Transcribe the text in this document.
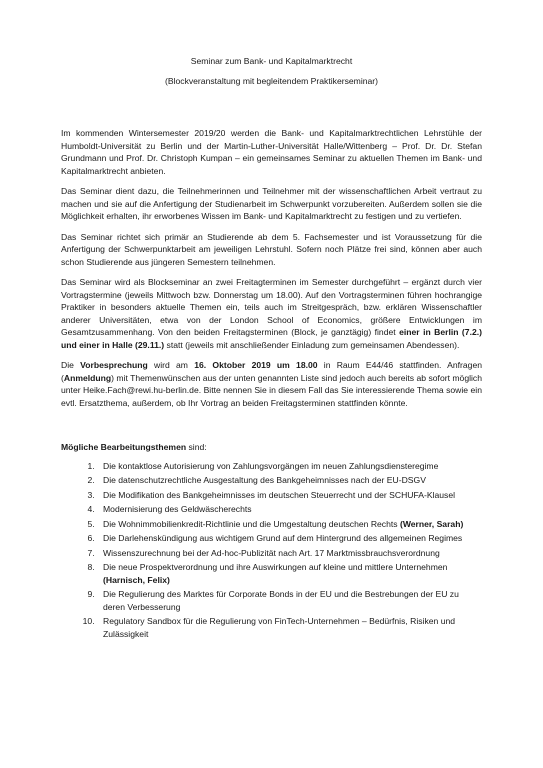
Seminar zum Bank- und Kapitalmarktrecht

(Blockveranstaltung mit begleitendem Praktikerseminar)

Im kommenden Wintersemester 2019/20 werden die Bank- und Kapitalmarktrechtlichen Lehrstühle der Humboldt-Universität zu Berlin und der Martin-Luther-Universität Halle/Wittenberg – Prof. Dr. Dr. Stefan Grundmann und Prof. Dr. Christoph Kumpan – ein gemeinsames Seminar zu aktuellen Themen im Bank- und Kapitalmarktrecht anbieten.

Das Seminar dient dazu, die Teilnehmerinnen und Teilnehmer mit der wissenschaftlichen Arbeit vertraut zu machen und sie auf die Anfertigung der Studienarbeit im Schwerpunkt vorzubereiten. Außerdem sollen sie die Möglichkeit erhalten, ihr erworbenes Wissen im Bank- und Kapitalmarktrecht zu festigen und zu vertiefen.

Das Seminar richtet sich primär an Studierende ab dem 5. Fachsemester und ist Voraussetzung für die Anfertigung der Schwerpunktarbeit am jeweiligen Lehrstuhl. Sofern noch Plätze frei sind, können aber auch schon Studierende aus jüngeren Semestern teilnehmen.

Das Seminar wird als Blockseminar an zwei Freitagterminen im Semester durchgeführt – ergänzt durch vier Vortragstermine (jeweils Mittwoch bzw. Donnerstag um 18.00). Auf den Vortragsterminen führen hochrangige Praktiker in besonders aktuelle Themen ein, teils auch im Streitgespräch, bzw. erklären Wissenschaftler anderer Universitäten, etwa von der London School of Economics, größere Entwicklungen im Gesamtzusammenhang. Von den beiden Freitagsterminen (Block, je ganztägig) findet einer in Berlin (7.2.) und einer in Halle (29.11.) statt (jeweils mit anschließender Einladung zum gemeinsamen Abendessen).

Die Vorbesprechung wird am 16. Oktober 2019 um 18.00 in Raum E44/46 stattfinden. Anfragen (Anmeldung) mit Themenwünschen aus der unten genannten Liste sind jedoch auch bereits ab sofort möglich unter Heike.Fach@rewi.hu-berlin.de. Bitte nennen Sie in diesem Fall das Sie interessierende Thema sowie ein evtl. Ersatzthema, außerdem, ob Ihr Vortrag an beiden Freitagsterminen stattfinden könnte.

Mögliche Bearbeitungsthemen sind:

1. Die kontaktlose Autorisierung von Zahlungsvorgängen im neuen Zahlungsdiensteregime
2. Die datenschutzrechtliche Ausgestaltung des Bankgeheimnisses nach der EU-DSGV
3. Die Modifikation des Bankgeheimnisses im deutschen Steuerrecht und der SCHUFA-Klausel
4. Modernisierung des Geldwäscherechts
5. Die Wohnimmobilienkredit-Richtlinie und die Umgestaltung deutschen Rechts (Werner, Sarah)
6. Die Darlehenskündigung aus wichtigem Grund auf dem Hintergrund des allgemeinen Regimes
7. Wissenszurechnung bei der Ad-hoc-Publizität nach Art. 17 Marktmissbrauchsverordnung
8. Die neue Prospektverordnung und ihre Auswirkungen auf kleine und mittlere Unternehmen (Harnisch, Felix)
9. Die Regulierung des Marktes für Corporate Bonds in der EU und die Bestrebungen der EU zu deren Verbesserung
10. Regulatory Sandbox für die Regulierung von FinTech-Unternehmen – Bedürfnis, Risiken und Zulässigkeit
